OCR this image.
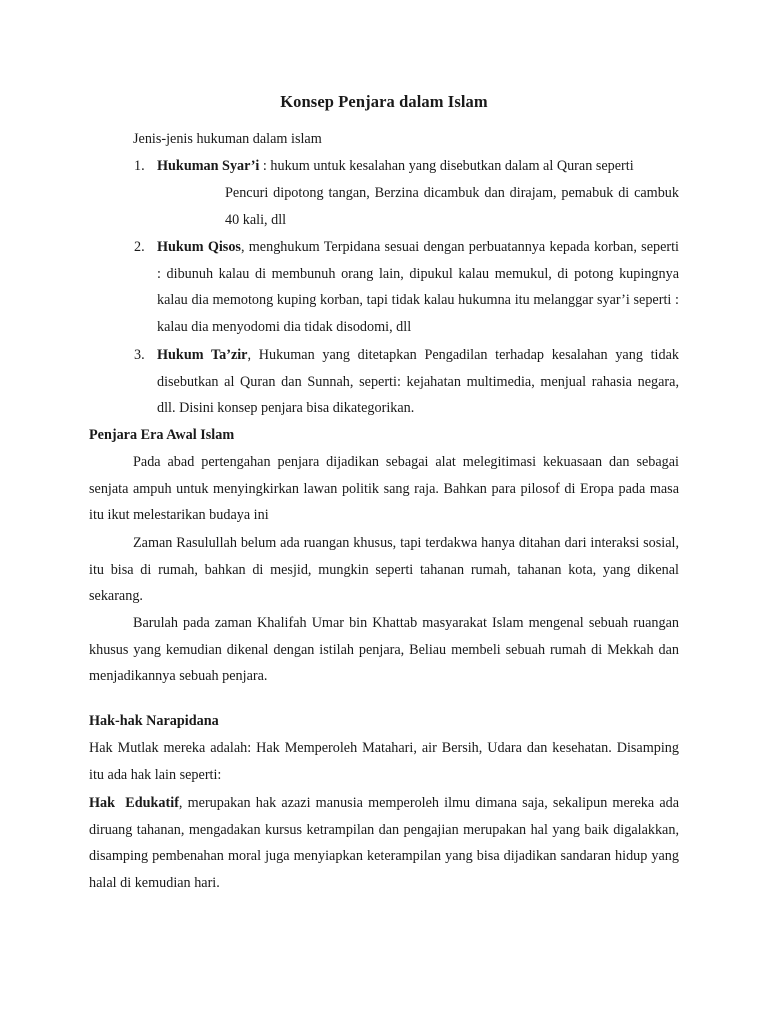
Konsep Penjara dalam Islam
Jenis-jenis hukuman dalam islam
1. Hukuman Syar’i : hukum untuk kesalahan yang disebutkan dalam al Quran seperti
Pencuri dipotong tangan, Berzina dicambuk dan dirajam, pemabuk di cambuk 40 kali, dll
2. Hukum Qisos, menghukum Terpidana sesuai dengan perbuatannya kepada korban, seperti : dibunuh kalau di membunuh orang lain, dipukul kalau memukul, di potong kupingnya kalau dia memotong kuping korban, tapi tidak kalau hukumna itu melanggar syar’i seperti : kalau dia menyodomi dia tidak disodomi, dll
3. Hukum Ta’zir, Hukuman yang ditetapkan Pengadilan terhadap kesalahan yang tidak disebutkan al Quran dan Sunnah, seperti: kejahatan multimedia, menjual rahasia negara, dll. Disini konsep penjara bisa dikategorikan.
Penjara Era Awal Islam
Pada abad pertengahan penjara dijadikan sebagai alat melegitimasi kekuasaan dan sebagai senjata ampuh untuk menyingkirkan lawan politik sang raja. Bahkan para pilosof di Eropa pada masa itu ikut melestarikan budaya ini
Zaman Rasulullah belum ada ruangan khusus, tapi terdakwa hanya ditahan dari interaksi sosial, itu bisa di rumah, bahkan di mesjid, mungkin seperti tahanan rumah, tahanan kota, yang dikenal sekarang.
Barulah pada zaman Khalifah Umar bin Khattab masyarakat Islam mengenal sebuah ruangan khusus yang kemudian dikenal dengan istilah penjara, Beliau membeli sebuah rumah di Mekkah dan menjadikannya sebuah penjara.
Hak-hak Narapidana
Hak Mutlak mereka adalah: Hak Memperoleh Matahari, air Bersih, Udara dan kesehatan. Disamping itu ada hak lain seperti:
Hak  Edukatif, merupakan hak azazi manusia memperoleh ilmu dimana saja, sekalipun mereka ada diruang tahanan, mengadakan kursus ketrampilan dan pengajian merupakan hal yang baik digalakkan, disamping pembenahan moral juga menyiapkan keterampilan yang bisa dijadikan sandaran hidup yang halal di kemudian hari.
